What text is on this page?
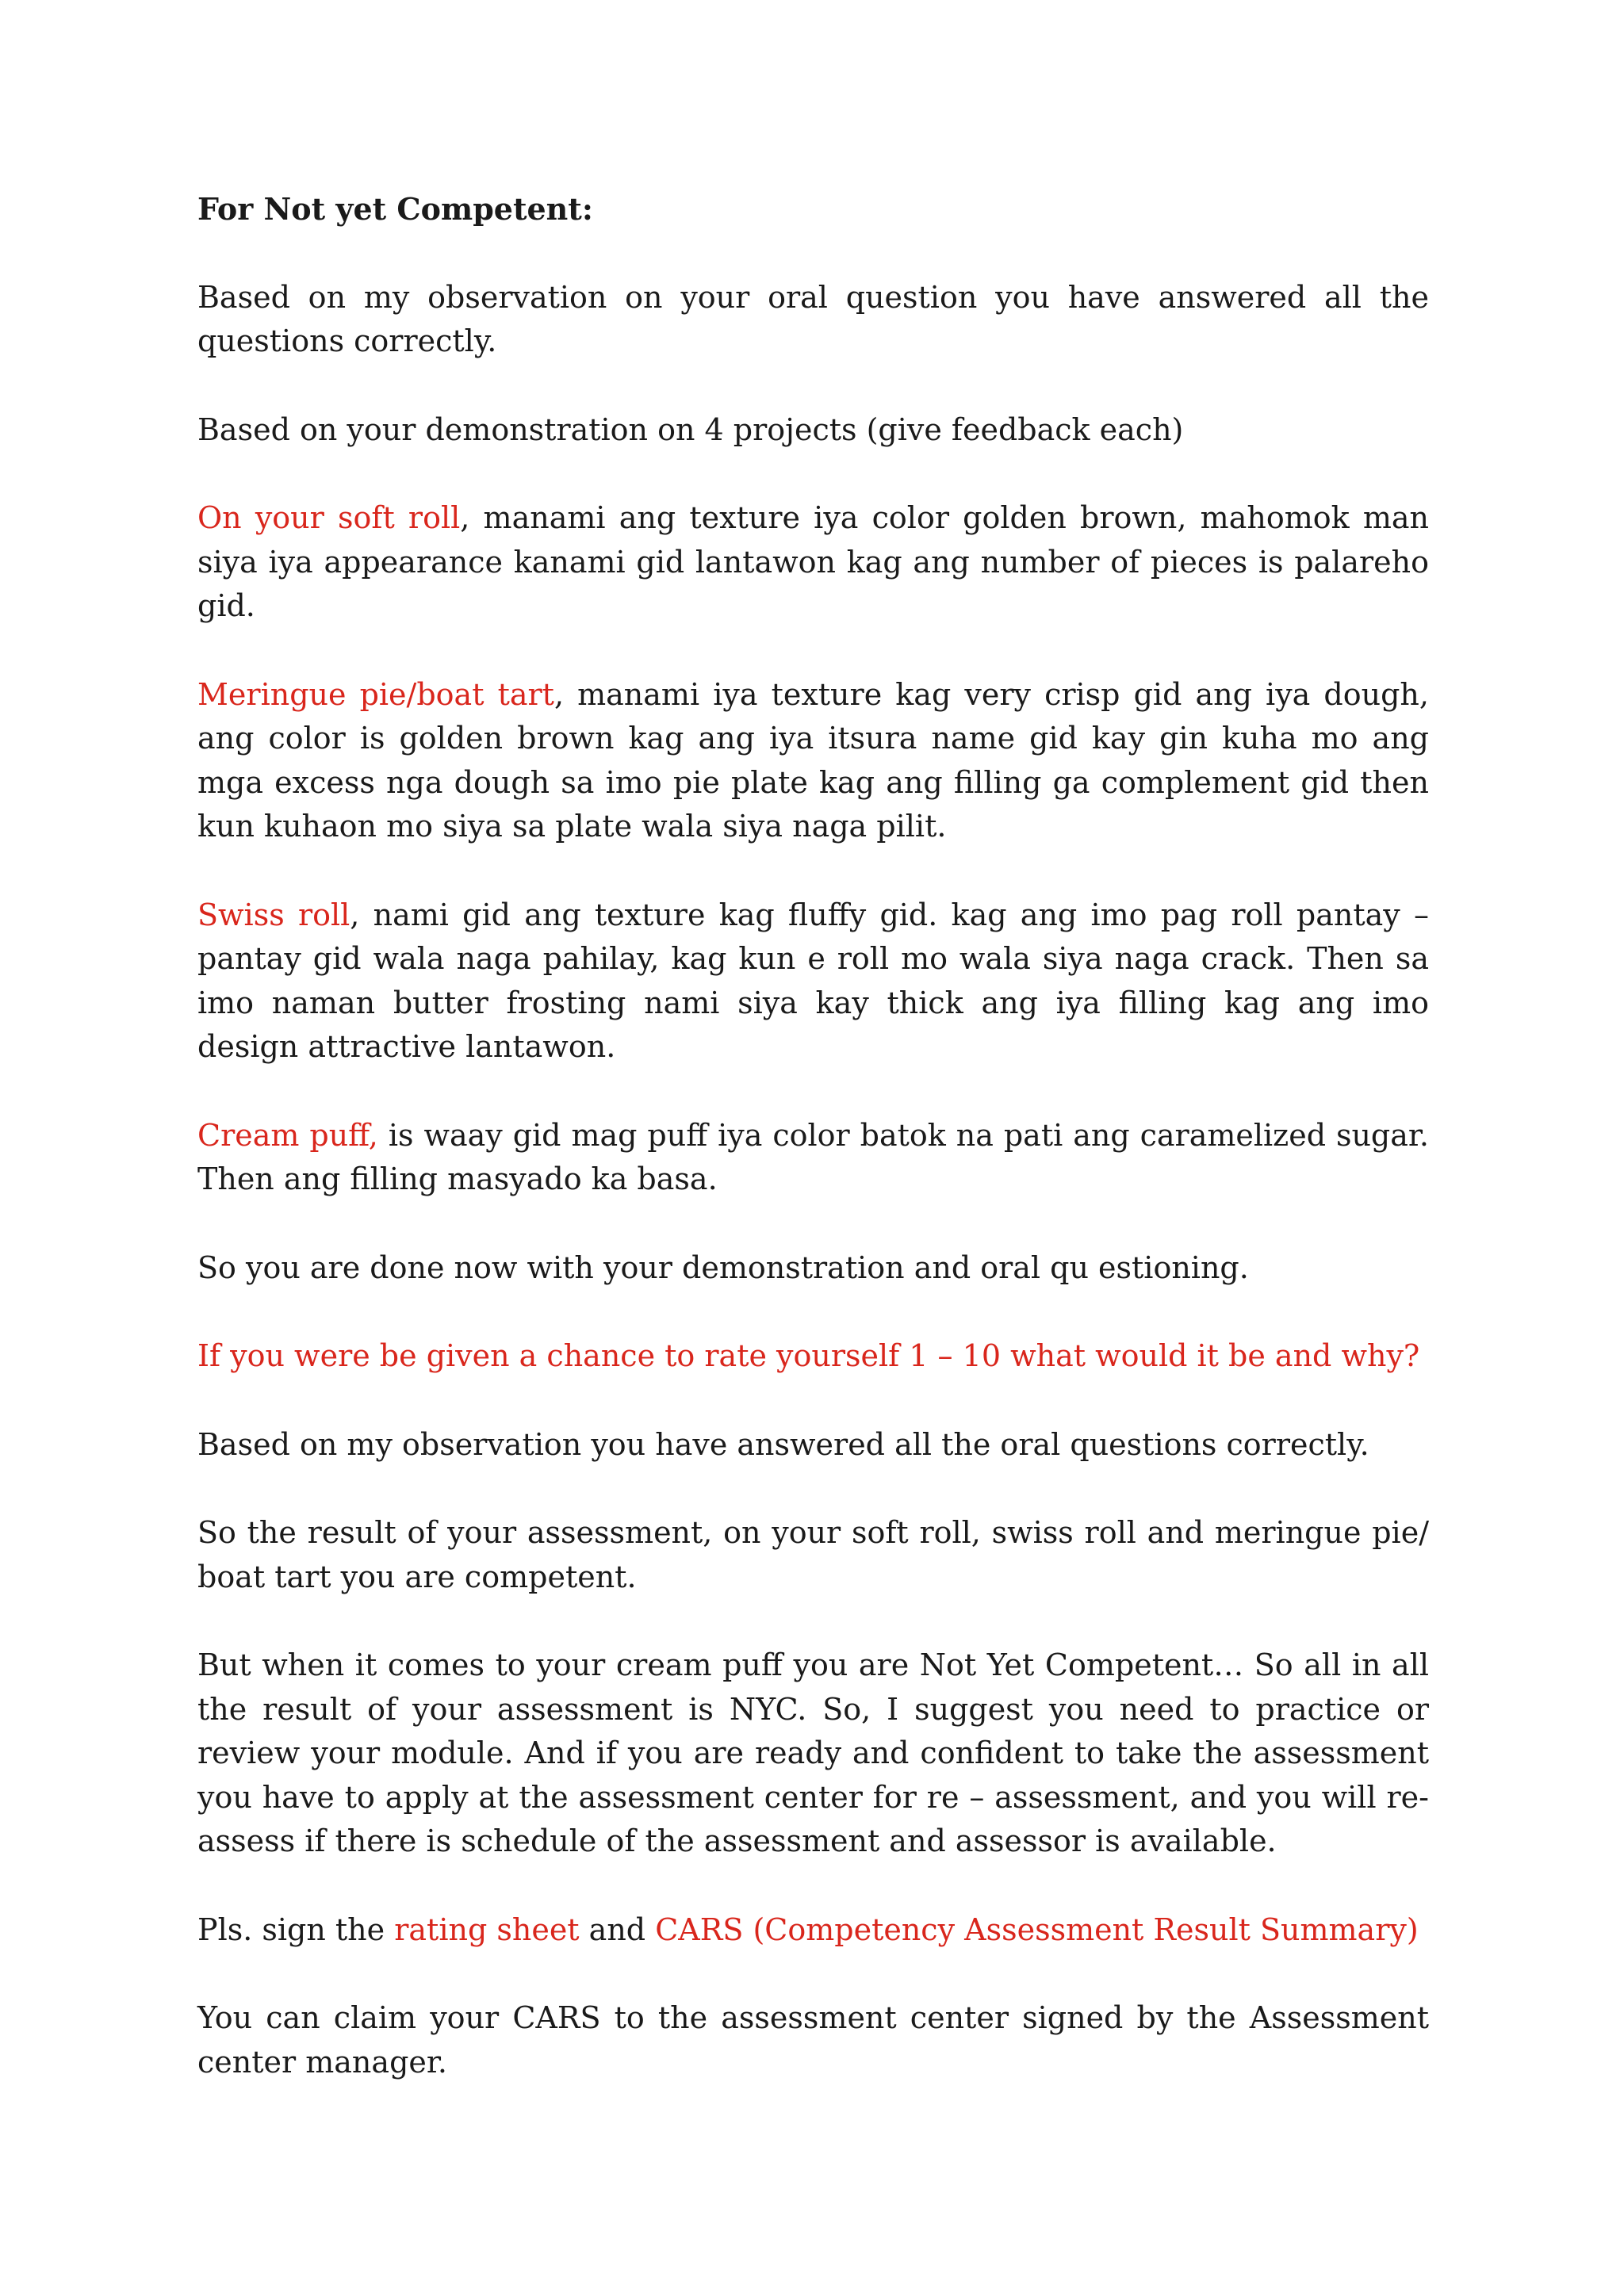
For Not yet Competent:

Based on my observation on your oral question you have answered all the questions correctly.

Based on your demonstration on 4 projects (give feedback each)

On your soft roll, manami ang texture iya color golden brown, mahomok man siya iya appearance kanami gid lantawon kag ang number of pieces is palareho gid.

Meringue pie/boat tart, manami iya texture kag very crisp gid ang iya dough, ang color is golden brown kag ang iya itsura name gid kay gin kuha mo ang mga excess nga dough sa imo pie plate kag ang filling ga complement gid then kun kuhaon mo siya sa plate wala siya naga pilit.

Swiss roll, nami gid ang texture kag fluffy gid. kag ang imo pag roll pantay – pantay gid wala naga pahilay, kag kun e roll mo wala siya naga crack. Then sa imo naman butter frosting nami siya kay thick ang iya filling kag ang imo design attractive lantawon.

Cream puff, is waay gid mag puff iya color batok na pati ang caramelized sugar. Then ang filling masyado ka basa.

So you are done now with your demonstration and oral qu estioning.

If you were be given a chance to rate yourself 1 – 10 what would it be and why?

Based on my observation you have answered all the oral questions correctly.

So the result of your assessment, on your soft roll, swiss roll and meringue pie/ boat tart you are competent.

But when it comes to your cream puff you are Not Yet Competent… So all in all the result of your assessment is NYC. So, I suggest you need to practice or review your module. And if you are ready and confident to take the assessment you have to apply at the assessment center for re – assessment, and you will re- assess if there is schedule of the assessment and assessor is available.

Pls. sign the rating sheet and CARS (Competency Assessment Result Summary)

You can claim your CARS to the assessment center signed by the Assessment center manager.
